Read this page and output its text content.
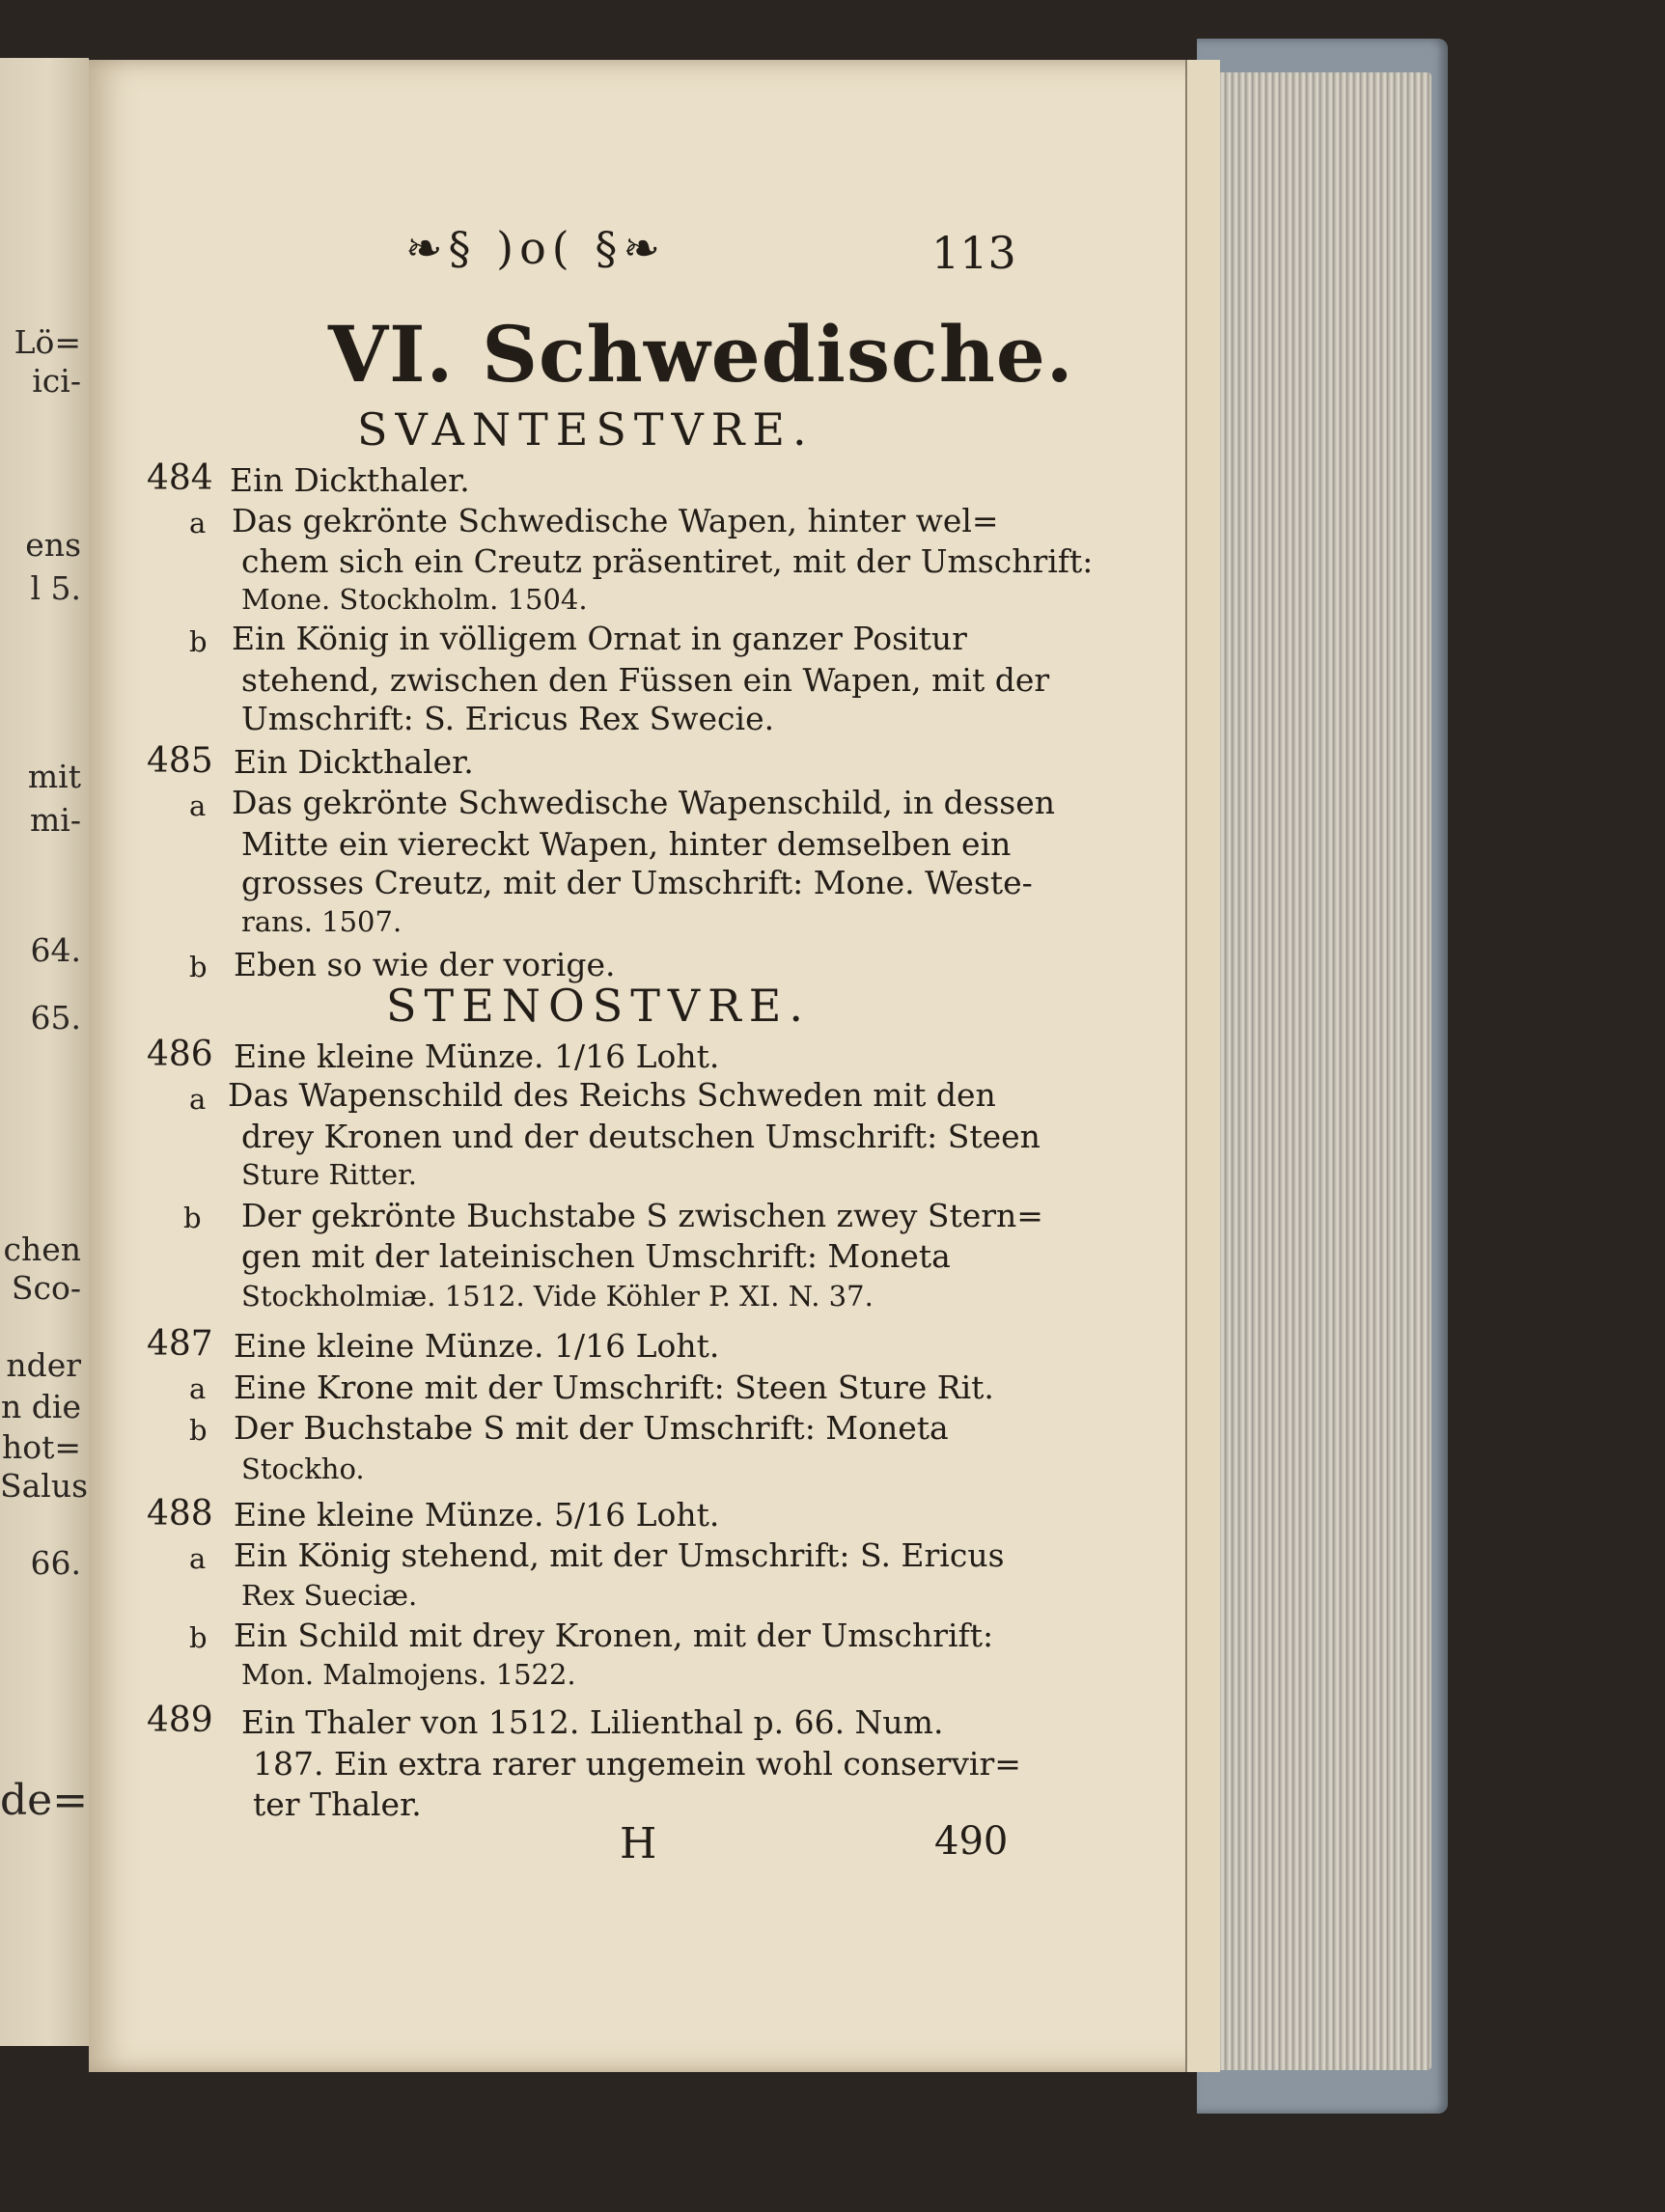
Lö=
ici-
ens
l 5.
mit
mi-
64.
65.
chen
Sco-
nder
n die
hot=
Salus
66.
de=
❧§ )o( §❧	113
VI. Schwedische.
SVANTESTVRE.
484 Ein Dickthaler.
a Das gekrönte Schwedische Wapen, hinter wel=
chem sich ein Creutz präsentiret, mit der Umschrift:
Mone. Stockholm. 1504.
b Ein König in völligem Ornat in ganzer Positur
stehend, zwischen den Füssen ein Wapen, mit der
Umschrift: S. Ericus Rex Swecie.
485 Ein Dickthaler.
a Das gekrönte Schwedische Wapenschild, in dessen
Mitte ein viereckt Wapen, hinter demselben ein
grosses Creutz, mit der Umschrift: Mone. Weste-
rans. 1507.
b Eben so wie der vorige.
STENOSTVRE.
486 Eine kleine Münze. 1/16 Loht.
a Das Wapenschild des Reichs Schweden mit den
drey Kronen und der deutschen Umschrift: Steen
Sture Ritter.
b Der gekrönte Buchstabe S zwischen zwey Stern=
gen mit der lateinischen Umschrift: Moneta
Stockholmiæ. 1512. Vide Köhler P. XI. N. 37.
487 Eine kleine Münze. 1/16 Loht.
a Eine Krone mit der Umschrift: Steen Sture Rit.
b Der Buchstabe S mit der Umschrift: Moneta
Stockho.
488 Eine kleine Münze. 5/16 Loht.
a Ein König stehend, mit der Umschrift: S. Ericus
Rex Sueciæ.
b Ein Schild mit drey Kronen, mit der Umschrift:
Mon. Malmojens. 1522.
489 Ein Thaler von 1512. Lilienthal p. 66. Num.
187. Ein extra rarer ungemein wohl conservir=
ter Thaler.
H	490
